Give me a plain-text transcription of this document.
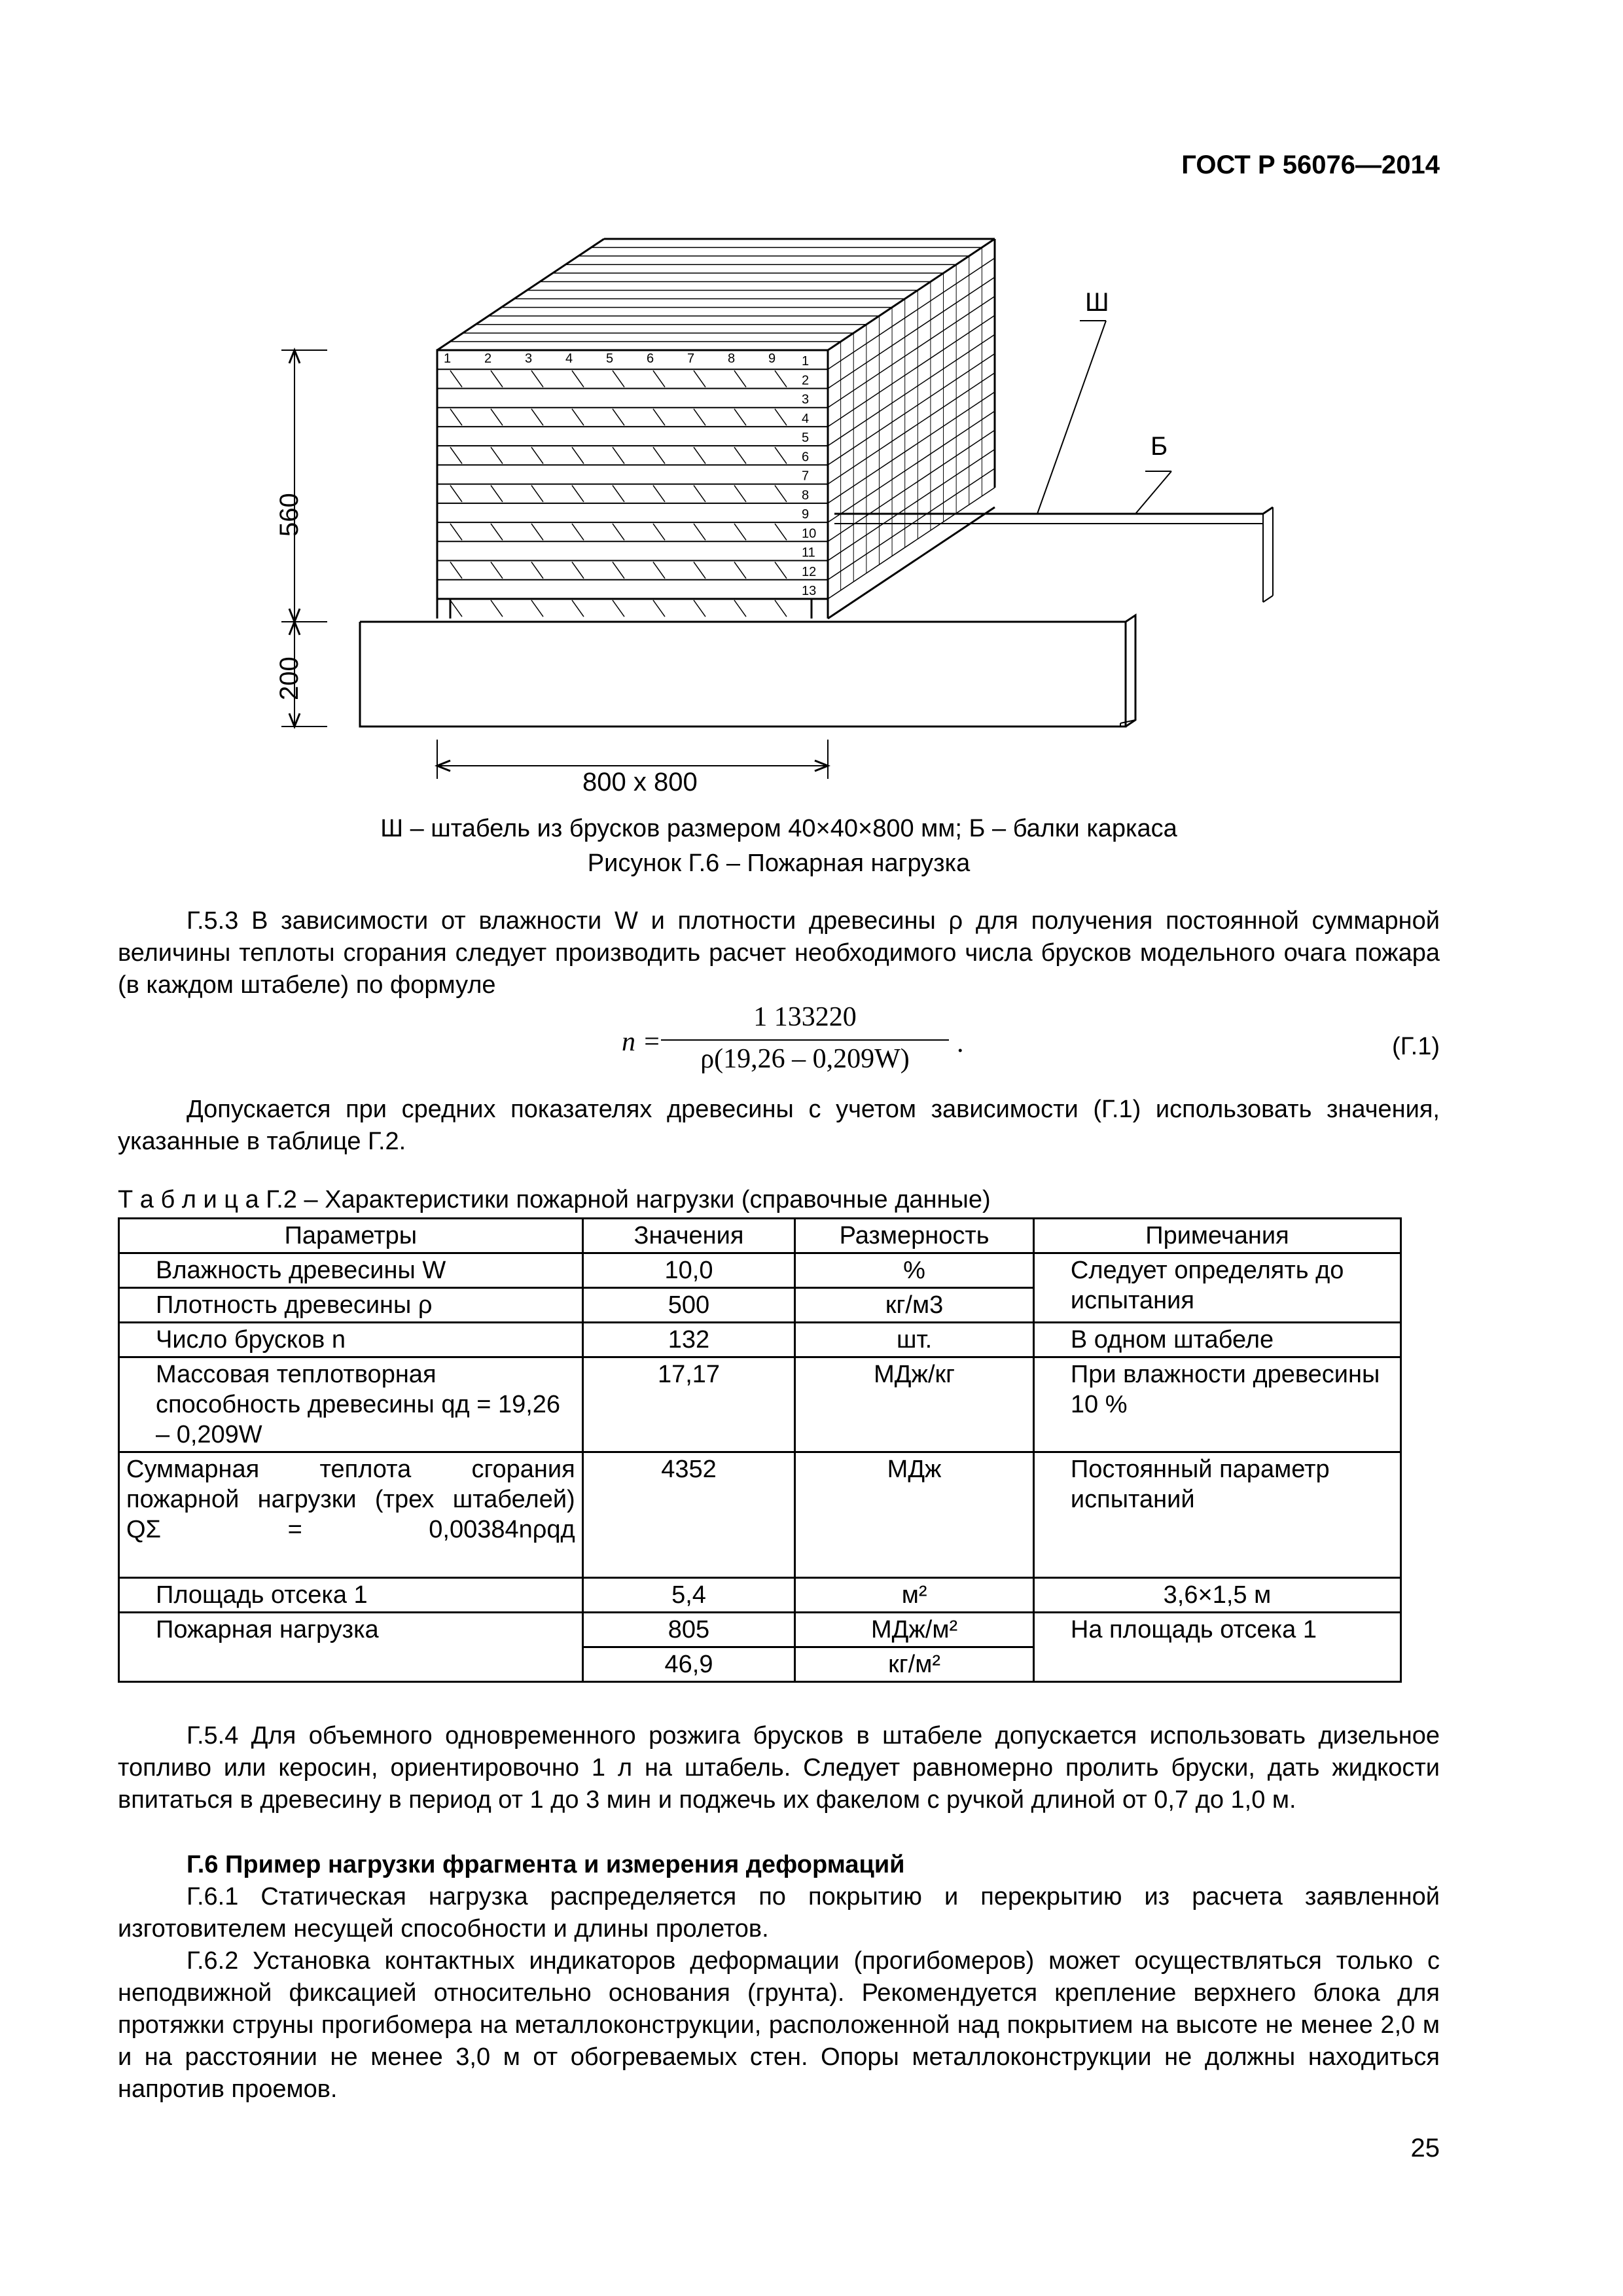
ГОСТ Р 56076—2014
560
200
800 х 800
Ш
Б
1	2	3	4	5	6	7	8	9 1
2
3
4
5
6
7
8
9
10
11
12
13
Ш – штабель из брусков размером 40×40×800 мм; Б – балки каркаса
Рисунок Г.6 – Пожарная нагрузка
Г.5.3 В зависимости от влажности W и плотности древесины ρ для получения постоянной суммарной величины теплоты сгорания следует производить расчет необходимого числа брусков модельного очага пожара (в каждом штабеле) по формуле
n =
1 133220
ρ(19,26 – 0,209W)
.	(Г.1)
Допускается при средних показателях древесины с учетом зависимости (Г.1) использовать значения, указанные в таблице Г.2.
Т а б л и ц а Г.2 – Характеристики пожарной нагрузки (справочные данные)
Параметры	Значения	Размерность	Примечания
Влажность древесины W	10,0	%	Следует определять до испытания
Плотность древесины ρ	500	кг/м3	
Число брусков n	132	шт.	В одном штабеле
Массовая теплотворная способность древесины qд = 19,26 – 0,209W	17,17	МДж/кг	При влажности древесины 10 %
Суммарная теплота сгорания пожарной нагрузки (трех штабелей) QΣ = 0,00384nρqд	4352	МДж	Постоянный параметр испытаний
Площадь отсека 1	5,4	м²	3,6×1,5 м
Пожарная нагрузка	805	МДж/м²	На площадь отсека 1
	46,9	кг/м²	
Г.5.4 Для объемного одновременного розжига брусков в штабеле допускается использовать дизельное топливо или керосин, ориентировочно 1 л на штабель. Следует равномерно пролить бруски, дать жидкости впитаться в древесину в период от 1 до 3 мин и поджечь их факелом с ручкой длиной от 0,7 до 1,0 м.
Г.6 Пример нагрузки фрагмента и измерения деформаций
Г.6.1 Статическая нагрузка распределяется по покрытию и перекрытию из расчета заявленной изготовителем несущей способности и длины пролетов.
Г.6.2 Установка контактных индикаторов деформации (прогибомеров) может осуществляться только с неподвижной фиксацией относительно основания (грунта). Рекомендуется крепление верхнего блока для протяжки струны прогибомера на металлоконструкции, расположенной над покрытием на высоте не менее 2,0 м и на расстоянии не менее 3,0 м от обогреваемых стен. Опоры металлоконструкции не должны находиться напротив проемов.
25
